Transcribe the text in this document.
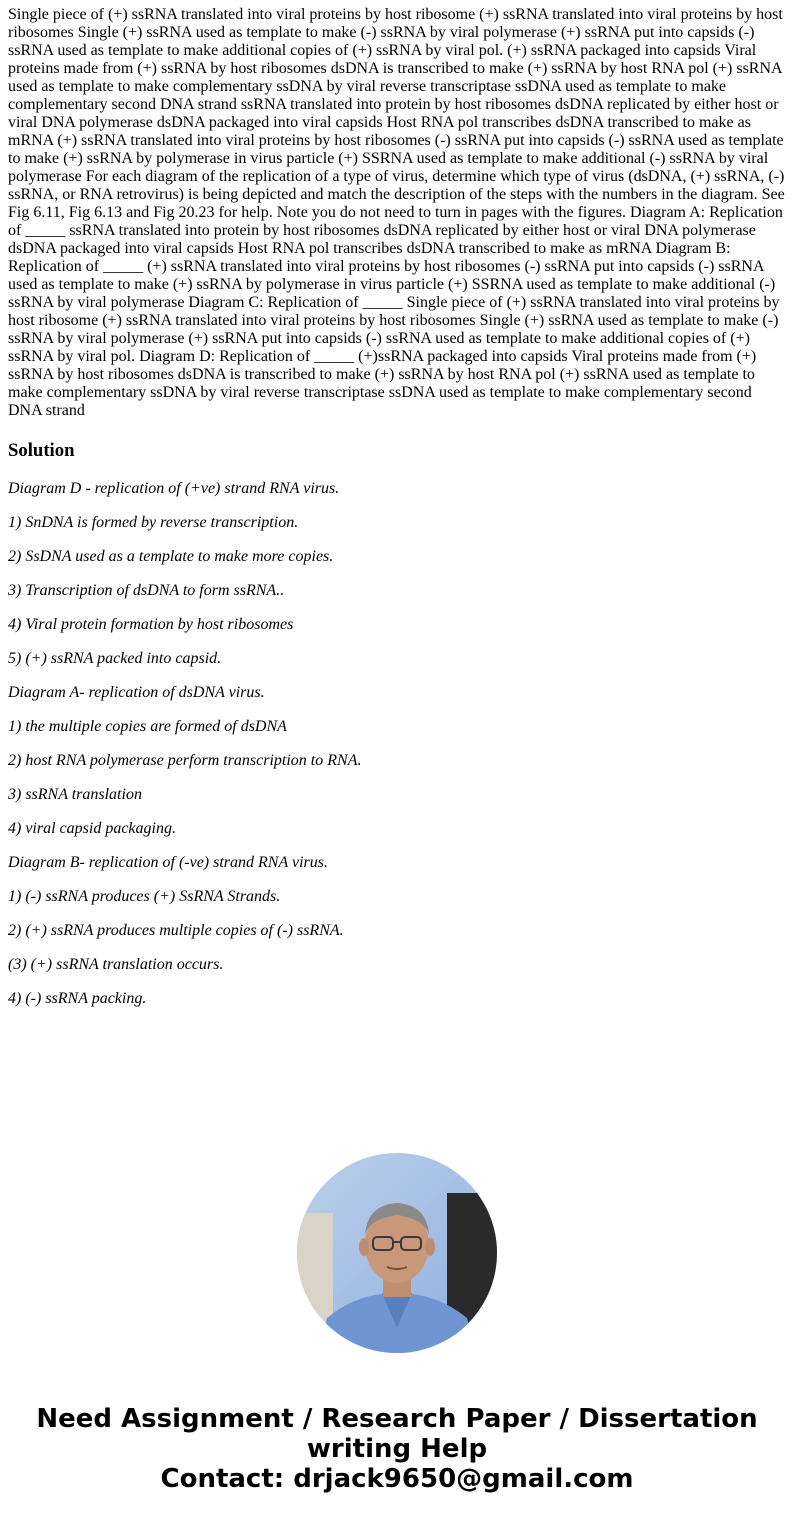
Single piece of (+) ssRNA translated into viral proteins by host ribosome (+) ssRNA translated into viral proteins by host ribosomes Single (+) ssRNA used as template to make (-) ssRNA by viral polymerase (+) ssRNA put into capsids (-) ssRNA used as template to make additional copies of (+) ssRNA by viral pol. (+) ssRNA packaged into capsids Viral proteins made from (+) ssRNA by host ribosomes dsDNA is transcribed to make (+) ssRNA by host RNA pol (+) ssRNA used as template to make complementary ssDNA by viral reverse transcriptase ssDNA used as template to make complementary second DNA strand ssRNA translated into protein by host ribosomes dsDNA replicated by either host or viral DNA polymerase dsDNA packaged into viral capsids Host RNA pol transcribes dsDNA transcribed to make as mRNA (+) ssRNA translated into viral proteins by host ribosomes (-) ssRNA put into capsids (-) ssRNA used as template to make (+) ssRNA by polymerase in virus particle (+) SSRNA used as template to make additional (-) ssRNA by viral polymerase For each diagram of the replication of a type of virus, determine which type of virus (dsDNA, (+) ssRNA, (-) ssRNA, or RNA retrovirus) is being depicted and match the description of the steps with the numbers in the diagram. See Fig 6.11, Fig 6.13 and Fig 20.23 for help. Note you do not need to turn in pages with the figures. Diagram A: Replication of _____ ssRNA translated into protein by host ribosomes dsDNA replicated by either host or viral DNA polymerase dsDNA packaged into viral capsids Host RNA pol transcribes dsDNA transcribed to make as mRNA Diagram B: Replication of _____ (+) ssRNA translated into viral proteins by host ribosomes (-) ssRNA put into capsids (-) ssRNA used as template to make (+) ssRNA by polymerase in virus particle (+) SSRNA used as template to make additional (-) ssRNA by viral polymerase Diagram C: Replication of _____ Single piece of (+) ssRNA translated into viral proteins by host ribosome (+) ssRNA translated into viral proteins by host ribosomes Single (+) ssRNA used as template to make (-) ssRNA by viral polymerase (+) ssRNA put into capsids (-) ssRNA used as template to make additional copies of (+) ssRNA by viral pol. Diagram D: Replication of _____ (+)ssRNA packaged into capsids Viral proteins made from (+) ssRNA by host ribosomes dsDNA is transcribed to make (+) ssRNA by host RNA pol (+) ssRNA used as template to make complementary ssDNA by viral reverse transcriptase ssDNA used as template to make complementary second DNA strand

Solution
Diagram D - replication of (+ve) strand RNA virus.
1) SnDNA is formed by reverse transcription.
2) SsDNA used as a template to make more copies.
3) Transcription of dsDNA to form ssRNA..
4) Viral protein formation by host ribosomes
5) (+) ssRNA packed into capsid.
Diagram A- replication of dsDNA virus.
1) the multiple copies are formed of dsDNA
2) host RNA polymerase perform transcription to RNA.
3) ssRNA translation
4) viral capsid packaging.
Diagram B- replication of (-ve) strand RNA virus.
1) (-) ssRNA produces (+) SsRNA Strands.
2) (+) ssRNA produces multiple copies of (-) ssRNA.
(3) (+) ssRNA translation occurs.
4) (-) ssRNA packing.
Need Assignment / Research Paper / Dissertation
writing Help
Contact: drjack9650@gmail.com
